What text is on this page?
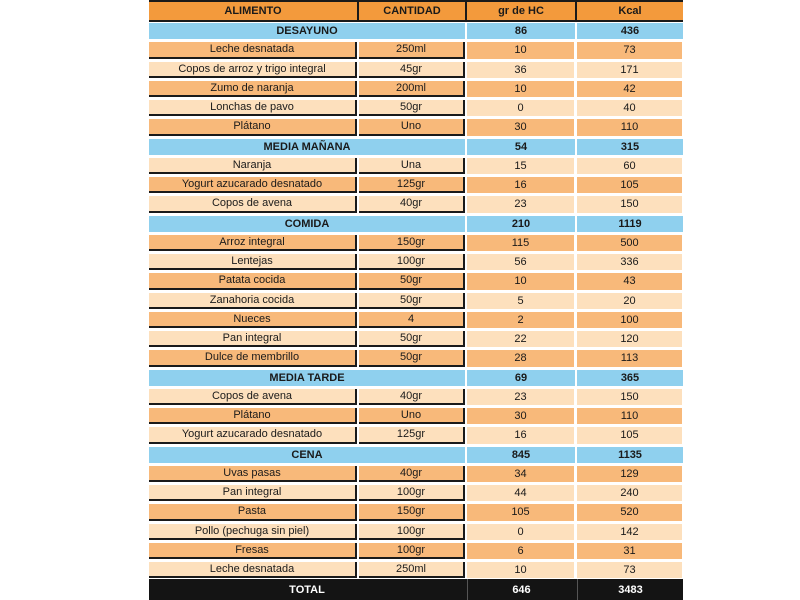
ALIMENTO	CANTIDAD	gr de HC	Kcal
DESAYUNO	86	436
Leche desnatada	250ml	10	73
Copos de arroz y trigo integral	45gr	36	171
Zumo de naranja	200ml	10	42
Lonchas de pavo	50gr	0	40
Plátano	Uno	30	110
MEDIA MAÑANA	54	315
Naranja	Una	15	60
Yogurt azucarado desnatado	125gr	16	105
Copos de avena	40gr	23	150
COMIDA	210	1119
Arroz integral	150gr	115	500
Lentejas	100gr	56	336
Patata cocida	50gr	10	43
Zanahoria cocida	50gr	5	20
Nueces	4	2	100
Pan integral	50gr	22	120
Dulce de membrillo	50gr	28	113
MEDIA TARDE	69	365
Copos de avena	40gr	23	150
Plátano	Uno	30	110
Yogurt azucarado desnatado	125gr	16	105
CENA	845	1135
Uvas pasas	40gr	34	129
Pan integral	100gr	44	240
Pasta	150gr	105	520
Pollo (pechuga sin piel)	100gr	0	142
Fresas	100gr	6	31
Leche desnatada	250ml	10	73
TOTAL	646	3483
